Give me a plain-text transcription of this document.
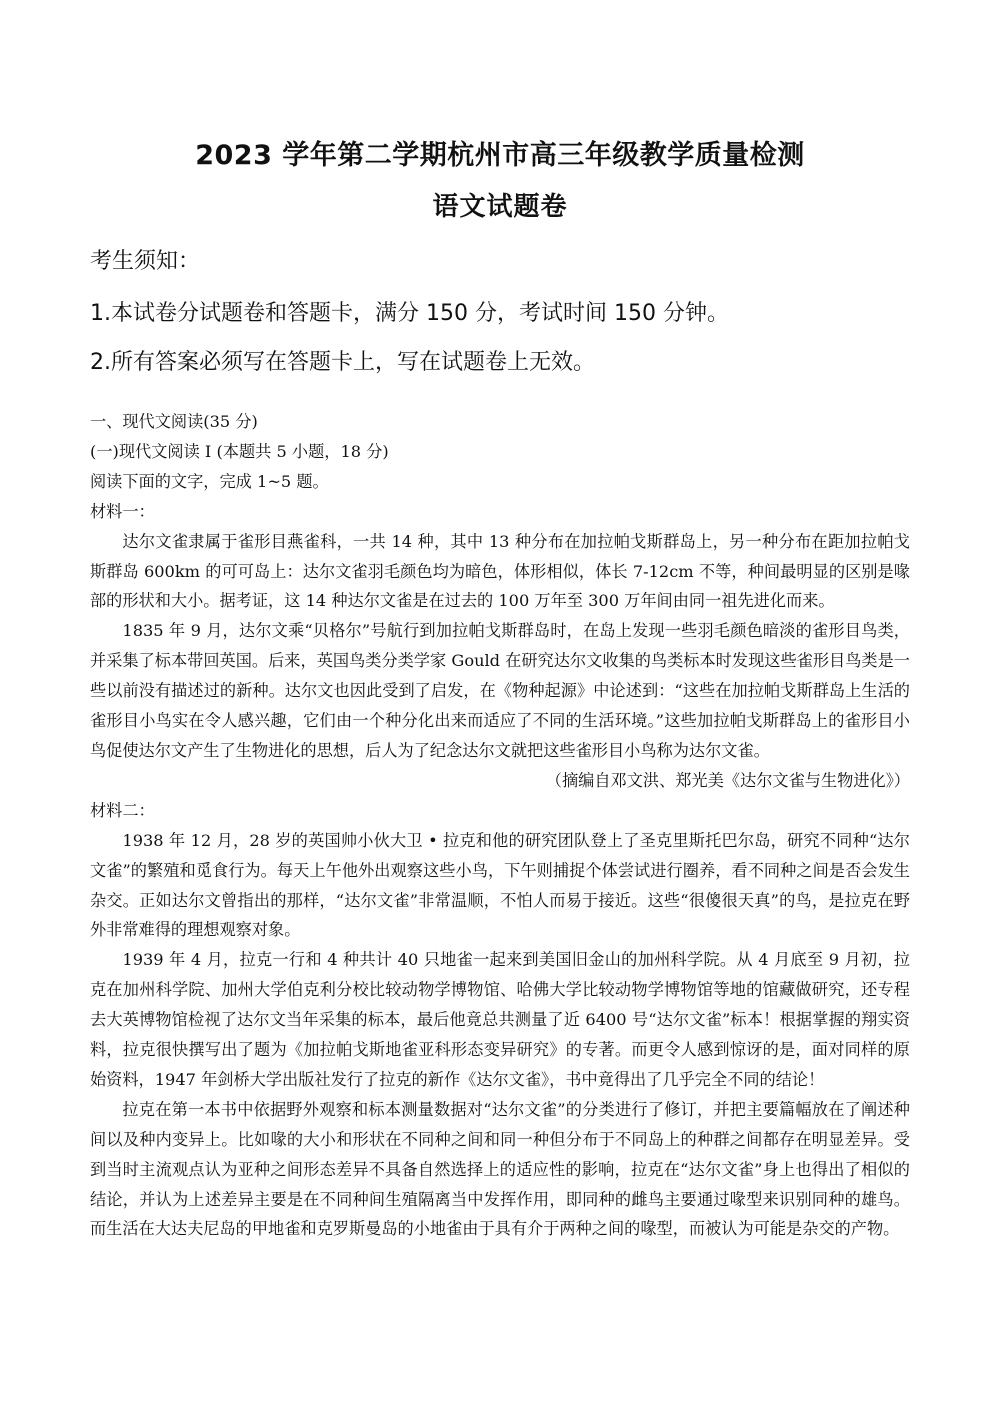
2023 学年第二学期杭州市高三年级教学质量检测
语文试题卷
考生须知：
1.本试卷分试题卷和答题卡，满分 150 分，考试时间 150 分钟。
2.所有答案必须写在答题卡上，写在试题卷上无效。

一、现代文阅读(35 分)

(一)现代文阅读 I (本题共 5 小题，18 分)

阅读下面的文字，完成 1~5 题。

材料一：

达尔文雀隶属于雀形目燕雀科，一共 14 种，其中 13 种分布在加拉帕戈斯群岛上，另一种分布在距加拉帕戈斯群岛 600km 的可可岛上：达尔文雀羽毛颜色均为暗色，体形相似，体长 7-12cm 不等，种间最明显的区别是喙部的形状和大小。据考证，这 14 种达尔文雀是在过去的 100 万年至 300 万年间由同一祖先进化而来。

1835 年 9 月，达尔文乘“贝格尔”号航行到加拉帕戈斯群岛时，在岛上发现一些羽毛颜色暗淡的雀形目鸟类，并采集了标本带回英国。后来，英国鸟类分类学家 Gould 在研究达尔文收集的鸟类标本时发现这些雀形目鸟类是一些以前没有描述过的新种。达尔文也因此受到了启发，在《物种起源》中论述到：“这些在加拉帕戈斯群岛上生活的雀形目小鸟实在令人感兴趣，它们由一个种分化出来而适应了不同的生活环境。”这些加拉帕戈斯群岛上的雀形目小鸟促使达尔文产生了生物进化的思想，后人为了纪念达尔文就把这些雀形目小鸟称为达尔文雀。

（摘编自邓文洪、郑光美《达尔文雀与生物进化》）

材料二：

1938 年 12 月，28 岁的英国帅小伙大卫 • 拉克和他的研究团队登上了圣克里斯托巴尔岛，研究不同种“达尔文雀”的繁殖和觅食行为。每天上午他外出观察这些小鸟，下午则捕捉个体尝试进行圈养，看不同种之间是否会发生杂交。正如达尔文曾指出的那样，“达尔文雀”非常温顺，不怕人而易于接近。这些“很傻很天真”的鸟，是拉克在野外非常难得的理想观察对象。

1939 年 4 月，拉克一行和 4 种共计 40 只地雀一起来到美国旧金山的加州科学院。从 4 月底至 9 月初，拉克在加州科学院、加州大学伯克利分校比较动物学博物馆、哈佛大学比较动物学博物馆等地的馆藏做研究，还专程去大英博物馆检视了达尔文当年采集的标本，最后他竟总共测量了近 6400 号“达尔文雀”标本！根据掌握的翔实资料，拉克很快撰写出了题为《加拉帕戈斯地雀亚科形态变异研究》的专著。而更令人感到惊讶的是，面对同样的原始资料，1947 年剑桥大学出版社发行了拉克的新作《达尔文雀》，书中竟得出了几乎完全不同的结论！

拉克在第一本书中依据野外观察和标本测量数据对“达尔文雀”的分类进行了修订，并把主要篇幅放在了阐述种间以及种内变异上。比如喙的大小和形状在不同种之间和同一种但分布于不同岛上的种群之间都存在明显差异。受到当时主流观点认为亚种之间形态差异不具备自然选择上的适应性的影响，拉克在“达尔文雀”身上也得出了相似的结论，并认为上述差异主要是在不同种间生殖隔离当中发挥作用，即同种的雌鸟主要通过喙型来识别同种的雄鸟。而生活在大达夫尼岛的甲地雀和克罗斯曼岛的小地雀由于具有介于两种之间的喙型，而被认为可能是杂交的产物。
